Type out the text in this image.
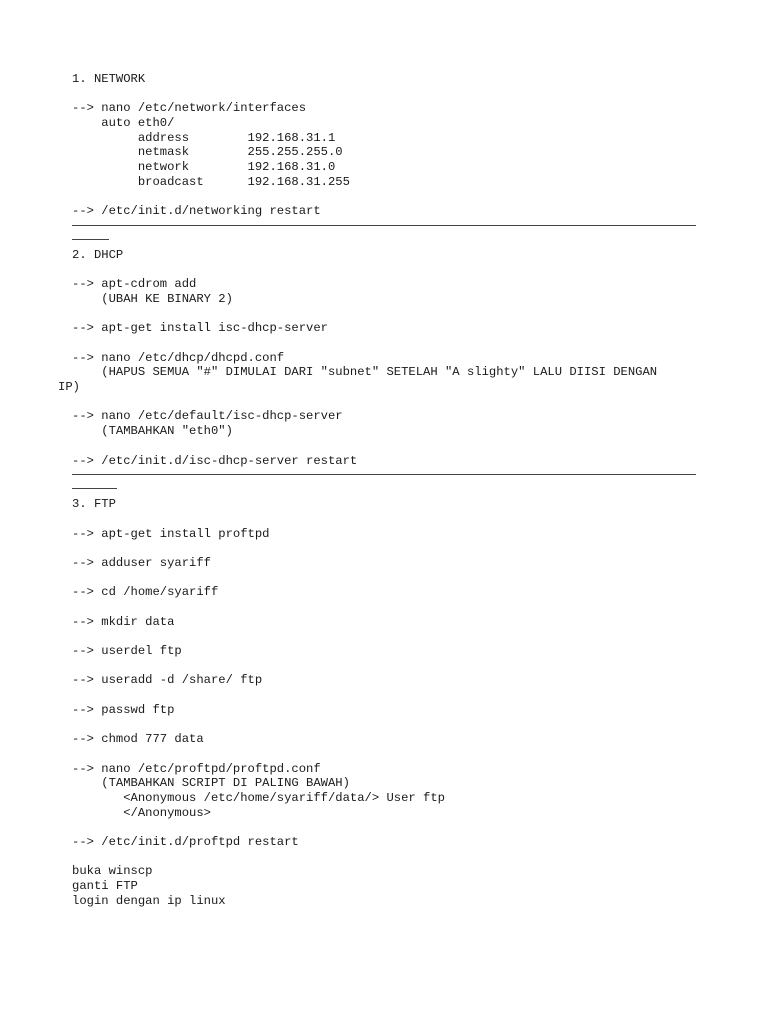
1. NETWORK
--> nano /etc/network/interfaces
auto eth0/
address        192.168.31.1
netmask        255.255.255.0
network        192.168.31.0
broadcast      192.168.31.255
--> /etc/init.d/networking restart
2. DHCP
--> apt-cdrom add
(UBAH KE BINARY 2)
--> apt-get install isc-dhcp-server
--> nano /etc/dhcp/dhcpd.conf
(HAPUS SEMUA "#" DIMULAI DARI "subnet" SETELAH "A slighty" LALU DIISI DENGAN
IP)
--> nano /etc/default/isc-dhcp-server
(TAMBAHKAN "eth0")
--> /etc/init.d/isc-dhcp-server restart
3. FTP
--> apt-get install proftpd
--> adduser syariff
--> cd /home/syariff
--> mkdir data
--> userdel ftp
--> useradd -d /share/ ftp
--> passwd ftp
--> chmod 777 data
--> nano /etc/proftpd/proftpd.conf
(TAMBAHKAN SCRIPT DI PALING BAWAH)
<Anonymous /etc/home/syariff/data/> User ftp
</Anonymous>
--> /etc/init.d/proftpd restart
buka winscp
ganti FTP
login dengan ip linux
